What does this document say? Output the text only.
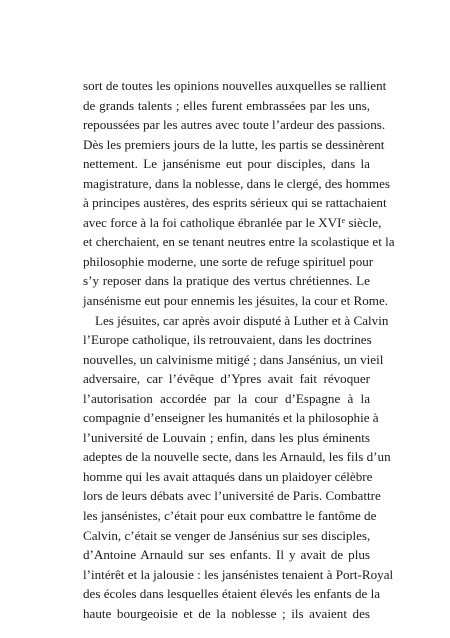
sort de toutes les opinions nouvelles auxquelles se rallient
de grands talents ; elles furent embrassées par les uns,
repoussées par les autres avec toute l’ardeur des passions.
Dès les premiers jours de la lutte, les partis se dessinèrent
nettement. Le jansénisme eut pour disciples, dans la
magistrature, dans la noblesse, dans le clergé, des hommes
à principes austères, des esprits sérieux qui se rattachaient
avec force à la foi catholique ébranlée par le XVIe siècle,
et cherchaient, en se tenant neutres entre la scolastique et la
philosophie moderne, une sorte de refuge spirituel pour
s’y reposer dans la pratique des vertus chrétiennes. Le
jansénisme eut pour ennemis les jésuites, la cour et Rome.
Les jésuites, car après avoir disputé à Luther et à Calvin
l’Europe catholique, ils retrouvaient, dans les doctrines
nouvelles, un calvinisme mitigé ; dans Jansénius, un vieil
adversaire, car l’évêque d’Ypres avait fait révoquer
l’autorisation accordée par la cour d’Espagne à la
compagnie d’enseigner les humanités et la philosophie à
l’université de Louvain ; enfin, dans les plus éminents
adeptes de la nouvelle secte, dans les Arnauld, les fils d’un
homme qui les avait attaqués dans un plaidoyer célèbre
lors de leurs débats avec l’université de Paris. Combattre
les jansénistes, c’était pour eux combattre le fantôme de
Calvin, c’était se venger de Jansénius sur ses disciples,
d’Antoine Arnauld sur ses enfants. Il y avait de plus
l’intérêt et la jalousie : les jansénistes tenaient à Port-Royal
des écoles dans lesquelles étaient élevés les enfants de la
haute bourgeoisie et de la noblesse ; ils avaient des
